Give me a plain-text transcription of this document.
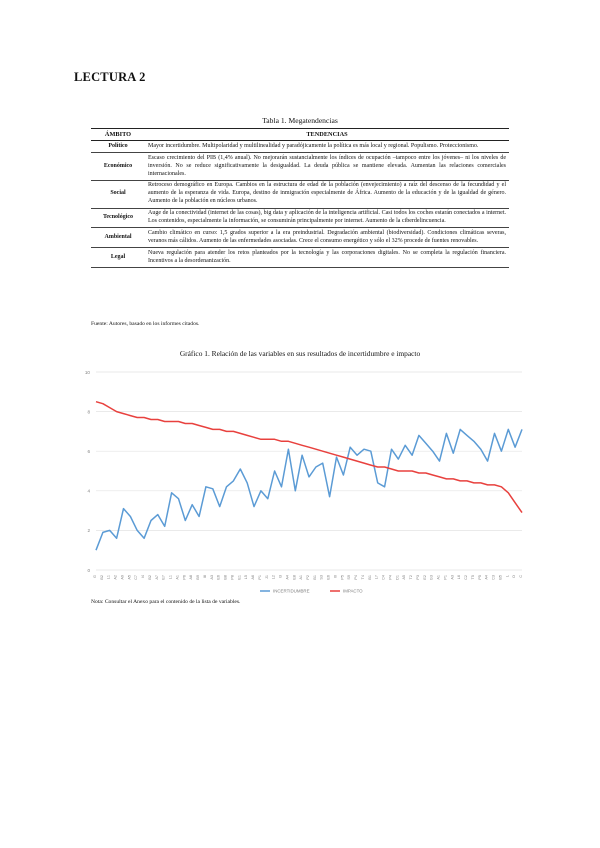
LECTURA 2
Tabla 1. Megatendencias
ÁMBITO	TENDENCIAS
Político	Mayor incertidumbre. Multipolaridad y multilinealidad y paradójicamente la política es más local y regional. Populismo. Proteccionismo.
Económico	Escaso crecimiento del PIB (1,4% anual). No mejorarán sustancialmente los índices de ocupación –tampoco entre los jóvenes– ni los niveles de inversión. No se reduce significativamente la desigualdad. La deuda pública se mantiene elevada. Aumentan las relaciones comerciales internacionales.
Social	Retroceso demográfico en Europa. Cambios en la estructura de edad de la población (envejecimiento) a raíz del descenso de la fecundidad y el aumento de la esperanza de vida. Europa, destino de inmigración especialmente de África. Aumento de la educación y de la igualdad de género. Aumento de la población en núcleos urbanos.
Tecnológico	Auge de la conectividad (internet de las cosas), big data y aplicación de la inteligencia artificial. Casi todos los coches estarán conectados a internet. Los contenidos, especialmente la información, se consumirán principalmente por internet. Aumento de la ciberdelincuencia.
Ambiental	Cambio climático en curso: 1,5 grados superior a la era preindustrial. Degradación ambiental (biodiversidad). Condiciones climáticas severas, veranos más cálidos. Aumento de las enfermedades asociadas. Crece el consumo energético y sólo el 32% procede de fuentes renovables.
Legal	Nueva regulación para atender los retos planteados por la tecnología y las corporaciones digitales. No se completa la regulación financiera. Incentivos a la desordenanización.
Fuente: Autores, basado en los informes citados.
Gráfico 1. Relación de las variables en sus resultados de incertidumbre e impacto
0
2
4
6
8
10
G B2 L1 A2 A9 A5 C7 I4 B2 A7 E7 L1 A1 P6 A8 B9 I8 A3 E6 B8 P8 E1 L5 A6 P1 J1 L2 I3 A4 E8 A1 P2 B1 S3 E6 I0 P5 S9 P4 T4 B1 L7 C4 P4 D1 A5 T2 P3 E2 G3 A1 P1 A3 L6 C2 T5 P5 A4 C3 B5 L O C
INCERTIDUMBRE	IMPACTO
Nota: Consultar el Anexo para el contenido de la lista de variables.
